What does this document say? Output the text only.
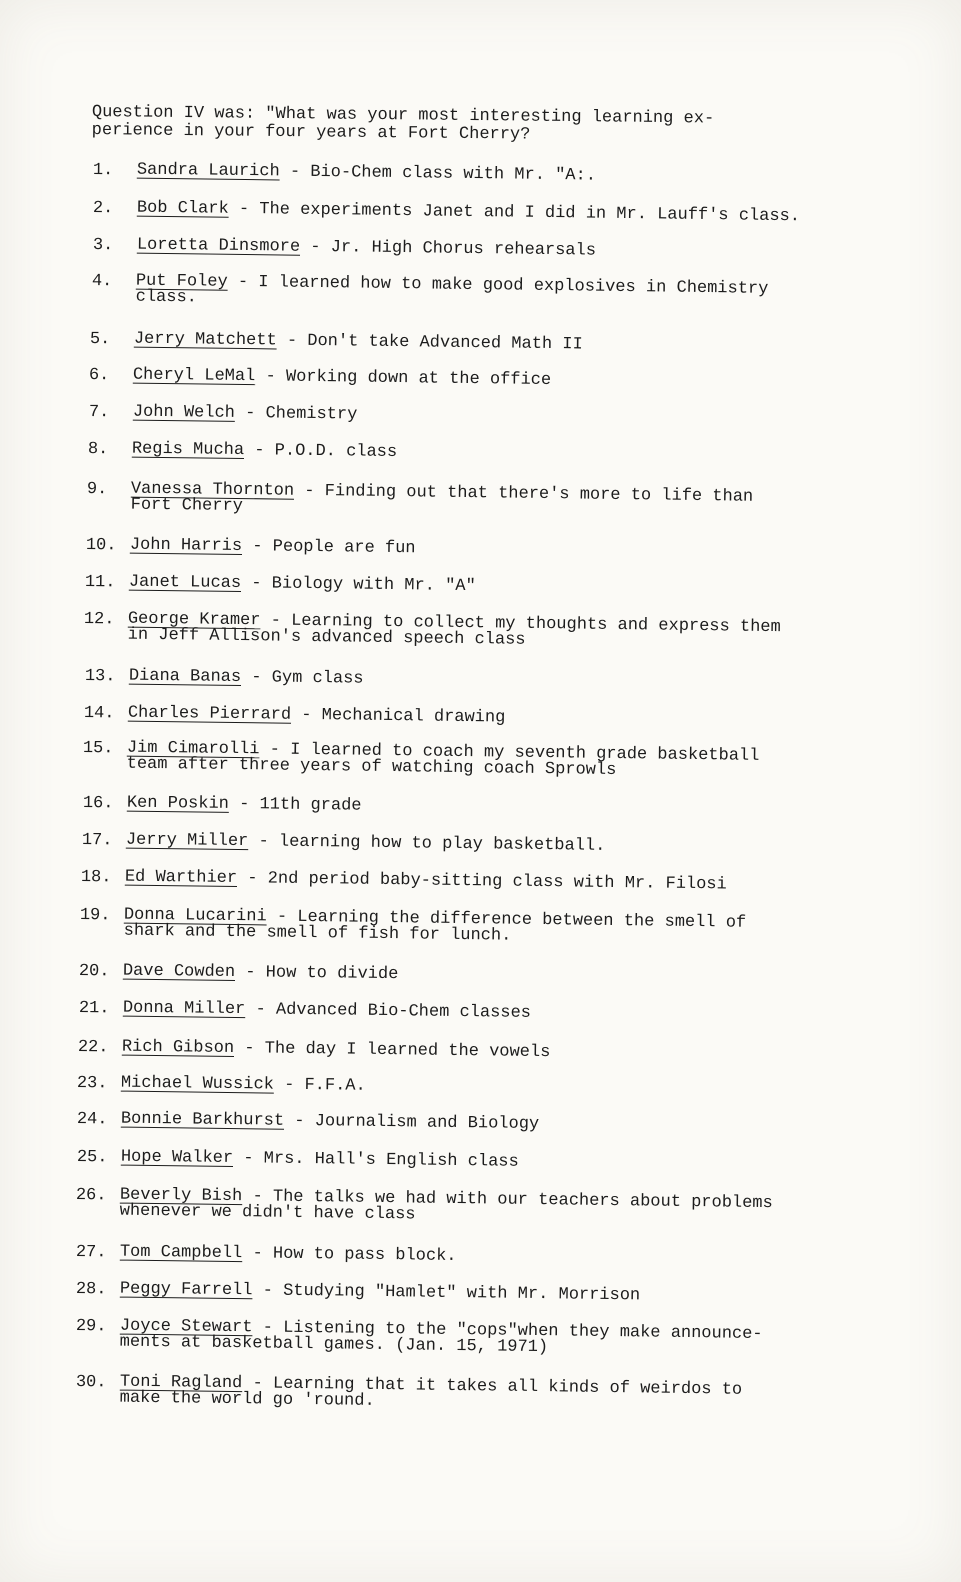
Question IV was: "What was your most interesting learning ex-
perience in your four years at Fort Cherry?
1.	Sandra Laurich - Bio-Chem class with Mr. "A:.
2.	Bob Clark - The experiments Janet and I did in Mr. Lauff's class.
3.	Loretta Dinsmore - Jr. High Chorus rehearsals
4.	Put Foley - I learned how to make good explosives in Chemistry
class.
5.	Jerry Matchett - Don't take Advanced Math II
6.	Cheryl LeMal - Working down at the office
7.	John Welch - Chemistry
8.	Regis Mucha - P.O.D. class
9.	Vanessa Thornton - Finding out that there's more to life than
Fort Cherry
10. John Harris - People are fun
11. Janet Lucas - Biology with Mr. "A"
12. George Kramer - Learning to collect my thoughts and express them
in Jeff Allison's advanced speech class
13. Diana Banas - Gym class
14. Charles Pierrard - Mechanical drawing
15. Jim Cimarolli - I learned to coach my seventh grade basketball
team after three years of watching coach Sprowls
16. Ken Poskin - 11th grade
17. Jerry Miller - learning how to play basketball.
18. Ed Warthier - 2nd period baby-sitting class with Mr. Filosi
19. Donna Lucarini - Learning the difference between the smell of
shark and the smell of fish for lunch.
20. Dave Cowden - How to divide
21. Donna Miller - Advanced Bio-Chem classes
22. Rich Gibson - The day I learned the vowels
23. Michael Wussick - F.F.A.
24. Bonnie Barkhurst - Journalism and Biology
25. Hope Walker - Mrs. Hall's English class
26. Beverly Bish - The talks we had with our teachers about problems
whenever we didn't have class
27. Tom Campbell - How to pass block.
28. Peggy Farrell - Studying "Hamlet" with Mr. Morrison
29. Joyce Stewart - Listening to the "cops"when they make announce-
ments at basketball games. (Jan. 15, 1971)
30. Toni Ragland - Learning that it takes all kinds of weirdos to
make the world go 'round.
